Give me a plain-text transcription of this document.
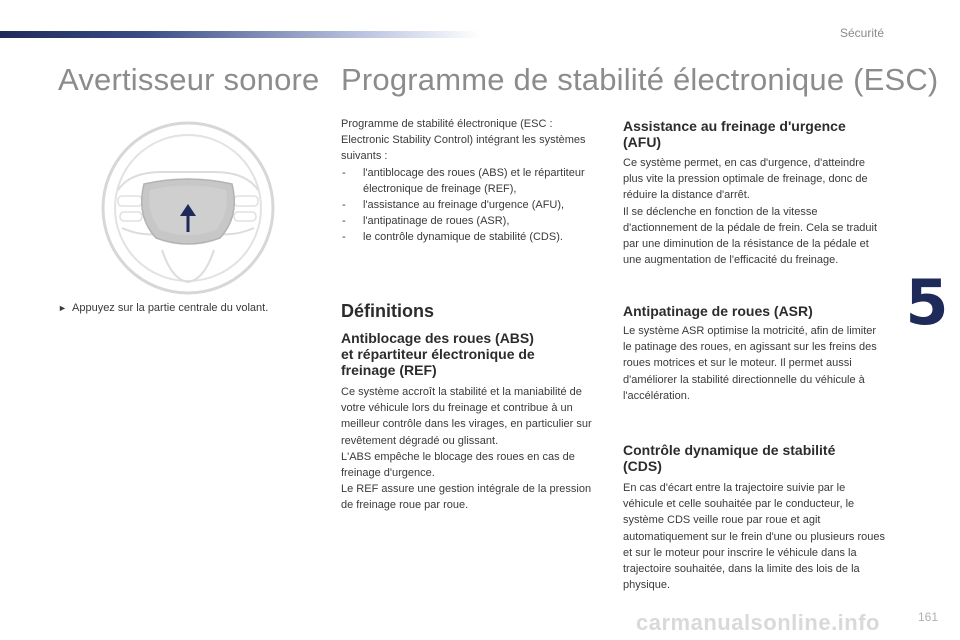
Sécurité
Avertisseur sonore Programme de stabilité électronique (ESC)
► Appuyez sur la partie centrale du volant.

Programme de stabilité électronique (ESC : Electronic Stability Control) intégrant les systèmes suivants :

- l'antiblocage des roues (ABS) et le répartiteur électronique de freinage (REF),
- l'assistance au freinage d'urgence (AFU),
- l'antipatinage de roues (ASR),
- le contrôle dynamique de stabilité (CDS).
Définitions
Antiblocage des roues (ABS)
et répartiteur électronique de
freinage (REF)

Ce système accroît la stabilité et la maniabilité de votre véhicule lors du freinage et contribue à un meilleur contrôle dans les virages, en particulier sur revêtement dégradé ou glissant.

L'ABS empêche le blocage des roues en cas de freinage d'urgence.

Le REF assure une gestion intégrale de la pression de freinage roue par roue.

Assistance au freinage d'urgence
(AFU)

Ce système permet, en cas d'urgence, d'atteindre plus vite la pression optimale de freinage, donc de réduire la distance d'arrêt.

Il se déclenche en fonction de la vitesse d'actionnement de la pédale de frein. Cela se traduit par une diminution de la résistance de la pédale et une augmentation de l'efficacité du freinage.

Antipatinage de roues (ASR)

Le système ASR optimise la motricité, afin de limiter le patinage des roues, en agissant sur les freins des roues motrices et sur le moteur. Il permet aussi d'améliorer la stabilité directionnelle du véhicule à l'accélération.

Contrôle dynamique de stabilité
(CDS)

En cas d'écart entre la trajectoire suivie par le véhicule et celle souhaitée par le conducteur, le système CDS veille roue par roue et agit automatiquement sur le frein d'une ou plusieurs roues et sur le moteur pour inscrire le véhicule dans la trajectoire souhaitée, dans la limite des lois de la physique.

5
carmanualsonline.info	161
